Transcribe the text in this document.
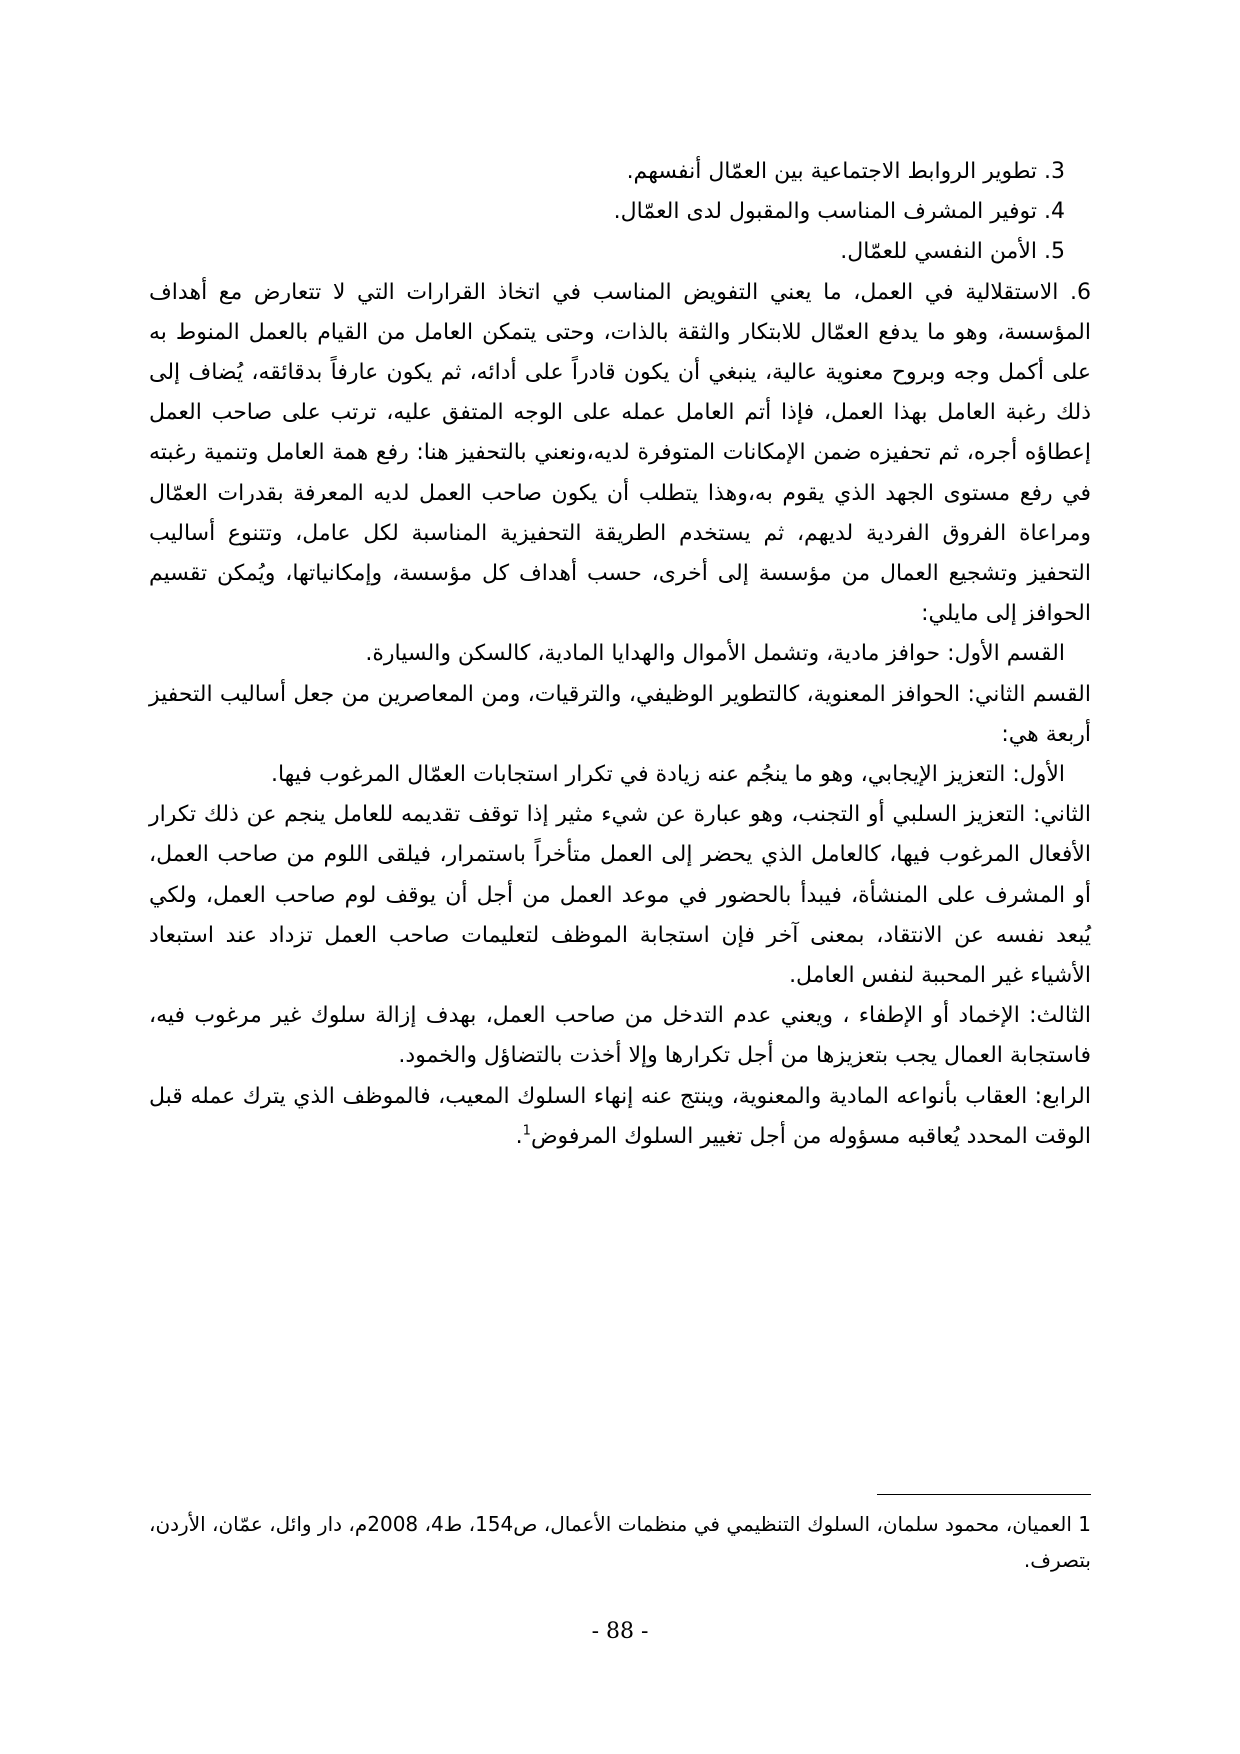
3. تطوير الروابط الاجتماعية بين العمّال أنفسهم.

4. توفير المشرف المناسب والمقبول لدى العمّال.

5. الأمن النفسي للعمّال.

6. الاستقلالية في العمل، ما يعني التفويض المناسب في اتخاذ القرارات التي لا تتعارض مع أهداف المؤسسة، وهو ما يدفع العمّال للابتكار والثقة بالذات، وحتى يتمكن العامل من القيام بالعمل المنوط به على أكمل وجه وبروح معنوية عالية، ينبغي أن يكون قادراً على أدائه، ثم يكون عارفاً بدقائقه، يُضاف إلى ذلك رغبة العامل بهذا العمل، فإذا أتم العامل عمله على الوجه المتفق عليه، ترتب على صاحب العمل إعطاؤه أجره، ثم تحفيزه ضمن الإمكانات المتوفرة لديه،ونعني بالتحفيز هنا: رفع همة العامل وتنمية رغبته في رفع مستوى الجهد الذي يقوم به،وهذا يتطلب أن يكون صاحب العمل لديه المعرفة بقدرات العمّال ومراعاة الفروق الفردية لديهم، ثم يستخدم الطريقة التحفيزية المناسبة لكل عامل، وتتنوع أساليب التحفيز وتشجيع العمال من مؤسسة إلى أخرى، حسب أهداف كل مؤسسة، وإمكانياتها، ويُمكن تقسيم الحوافز إلى مايلي:

القسم الأول: حوافز مادية، وتشمل الأموال والهدايا المادية، كالسكن والسيارة.

القسم الثاني: الحوافز المعنوية، كالتطوير الوظيفي، والترقيات، ومن المعاصرين من جعل أساليب التحفيز أربعة هي:

الأول: التعزيز الإيجابي، وهو ما ينجُم عنه زيادة في تكرار استجابات العمّال المرغوب فيها.

الثاني: التعزيز السلبي أو التجنب، وهو عبارة عن شيء مثير إذا توقف تقديمه للعامل ينجم عن ذلك تكرار الأفعال المرغوب فيها، كالعامل الذي يحضر إلى العمل متأخراً باستمرار، فيلقى اللوم من صاحب العمل، أو المشرف على المنشأة، فيبدأ بالحضور في موعد العمل من أجل أن يوقف لوم صاحب العمل، ولكي يُبعد نفسه عن الانتقاد، بمعنى آخر فإن استجابة الموظف لتعليمات صاحب العمل تزداد عند استبعاد الأشياء غير المحببة لنفس العامل.

الثالث: الإخماد أو الإطفاء ، ويعني عدم التدخل من صاحب العمل، بهدف إزالة سلوك غير مرغوب فيه، فاستجابة العمال يجب بتعزيزها من أجل تكرارها وإلا أخذت بالتضاؤل والخمود.

الرابع: العقاب بأنواعه المادية والمعنوية، وينتج عنه إنهاء السلوك المعيب، فالموظف الذي يترك عمله قبل الوقت المحدد يُعاقبه مسؤوله من أجل تغيير السلوك المرفوض$^1$.

1 العميان، محمود سلمان، السلوك التنظيمي في منظمات الأعمال، ص154، ط4، 2008م، دار وائل، عمّان، الأردن، بتصرف.

- 88 -
